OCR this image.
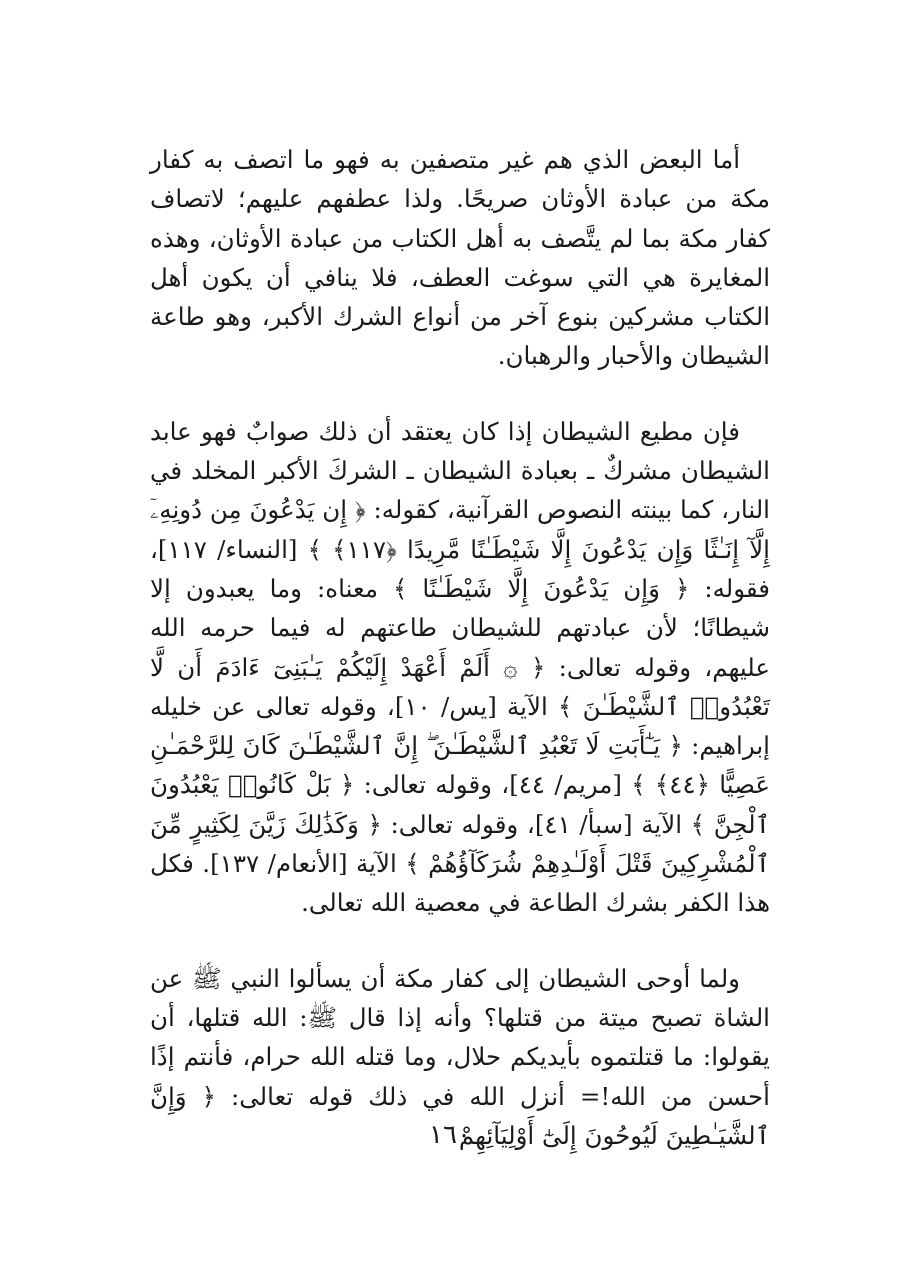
أما البعض الذي هم غير متصفين به فهو ما اتصف به كفار مكة من عبادة الأوثان صريحًا. ولذا عطفهم عليهم؛ لاتصاف كفار مكة بما لم يتَّصف به أهل الكتاب من عبادة الأوثان، وهذه المغايرة هي التي سوغت العطف، فلا ينافي أن يكون أهل الكتاب مشركين بنوع آخر من أنواع الشرك الأكبر، وهو طاعة الشيطان والأحبار والرهبان.

فإن مطيع الشيطان إذا كان يعتقد أن ذلك صوابٌ فهو عابد الشيطان مشركٌ ـ بعبادة الشيطان ـ الشركَ الأكبر المخلد في النار، كما بينته النصوص القرآنية، كقوله: ﴿ إِن يَدْعُونَ مِن دُونِهِۦٓ إِلَّآ إِنَـٰثًا وَإِن يَدْعُونَ إِلَّا شَيْطَـٰنًا مَّرِيدًا ﴿١١٧﴾ ﴾ [النساء/ ١١٧]، فقوله: ﴿ وَإِن يَدْعُونَ إِلَّا شَيْطَـٰنًا ﴾ معناه: وما يعبدون إلا شيطانًا؛ لأن عبادتهم للشيطان طاعتهم له فيما حرمه الله عليهم، وقوله تعالى: ﴿ ۞ أَلَمْ أَعْهَدْ إِلَيْكُمْ يَـٰبَنِىٓ ءَادَمَ أَن لَّا تَعْبُدُوا۟ ٱلشَّيْطَـٰنَ ﴾ الآية [يس/ ١٠]، وقوله تعالى عن خليله إبراهيم: ﴿ يَـٰٓأَبَتِ لَا تَعْبُدِ ٱلشَّيْطَـٰنَ ۖ إِنَّ ٱلشَّيْطَـٰنَ كَانَ لِلرَّحْمَـٰنِ عَصِيًّا ﴿٤٤﴾ ﴾ [مريم/ ٤٤]، وقوله تعالى: ﴿ بَلْ كَانُوا۟ يَعْبُدُونَ ٱلْجِنَّ ﴾ الآية [سبأ/ ٤١]، وقوله تعالى: ﴿ وَكَذَٰلِكَ زَيَّنَ لِكَثِيرٍ مِّنَ ٱلْمُشْرِكِينَ قَتْلَ أَوْلَـٰدِهِمْ شُرَكَآؤُهُمْ ﴾ الآية [الأنعام/ ١٣٧]. فكل هذا الكفر بشرك الطاعة في معصية الله تعالى.

ولما أوحى الشيطان إلى كفار مكة أن يسألوا النبي ﷺ عن الشاة تصبح ميتة من قتلها؟ وأنه إذا قال ﷺ: الله قتلها، أن يقولوا: ما قتلتموه بأيديكم حلال، وما قتله الله حرام، فأنتم إذًا أحسن من الله!= أنزل الله في ذلك قوله تعالى: ﴿ وَإِنَّ ٱلشَّيَـٰطِينَ لَيُوحُونَ إِلَىٰٓ أَوْلِيَآئِهِمْ

١٦٠
